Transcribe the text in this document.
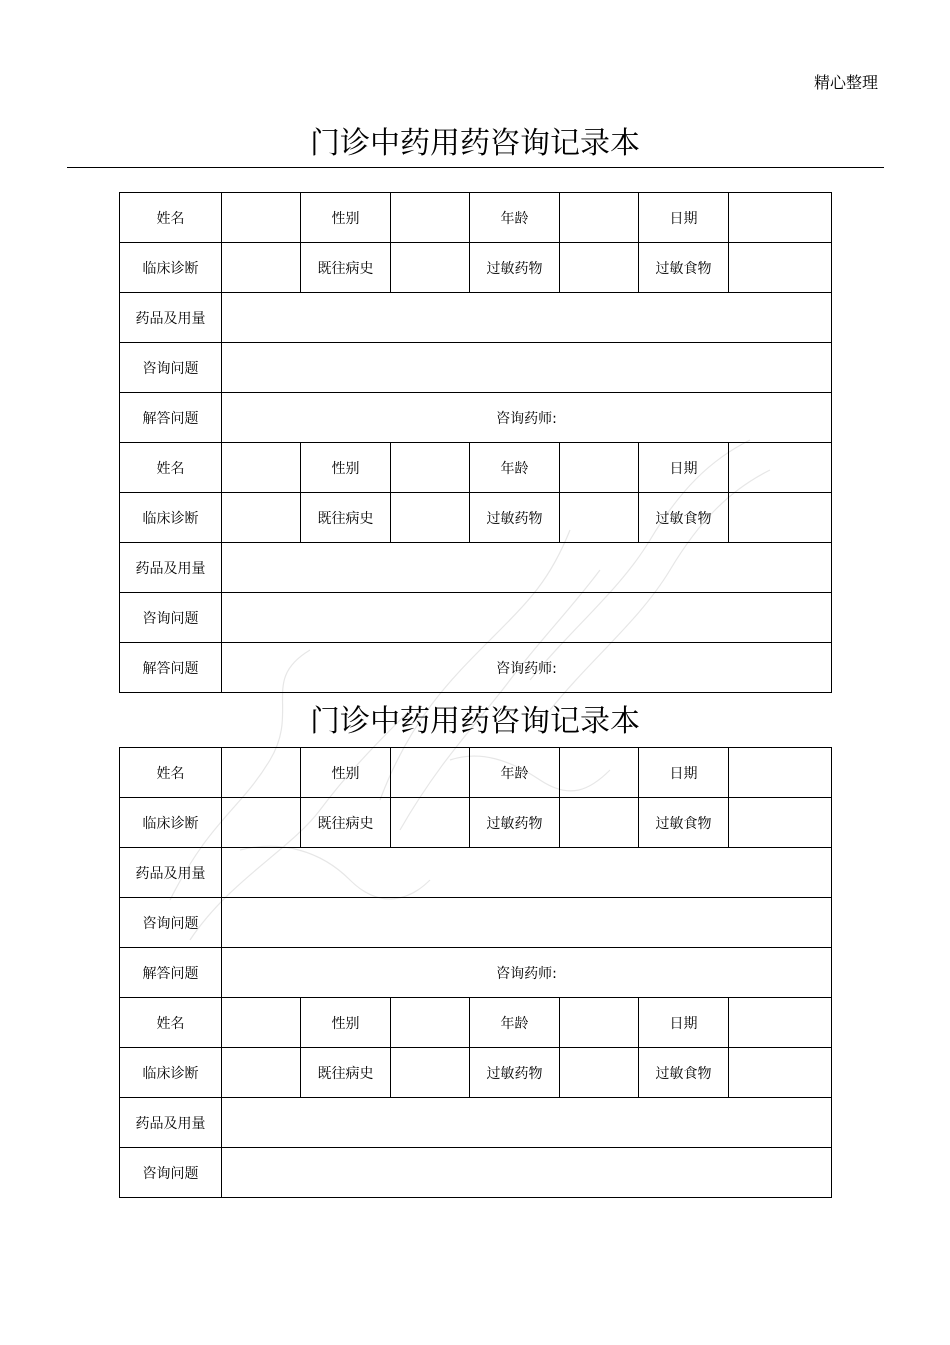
精心整理
门诊中药用药咨询记录本
姓名		性别		年龄		日期	
临床诊断		既往病史		过敏药物		过敏食物	
药品及用量							
咨询问题							
解答问题	咨询药师:						
姓名		性别		年龄		日期	
临床诊断		既往病史		过敏药物		过敏食物	
药品及用量							
咨询问题							
解答问题	咨询药师:						
门诊中药用药咨询记录本
姓名		性别		年龄		日期	
临床诊断		既往病史		过敏药物		过敏食物	
药品及用量							
咨询问题							
解答问题	咨询药师:						
姓名		性别		年龄		日期	
临床诊断		既往病史		过敏药物		过敏食物	
药品及用量							
咨询问题							
